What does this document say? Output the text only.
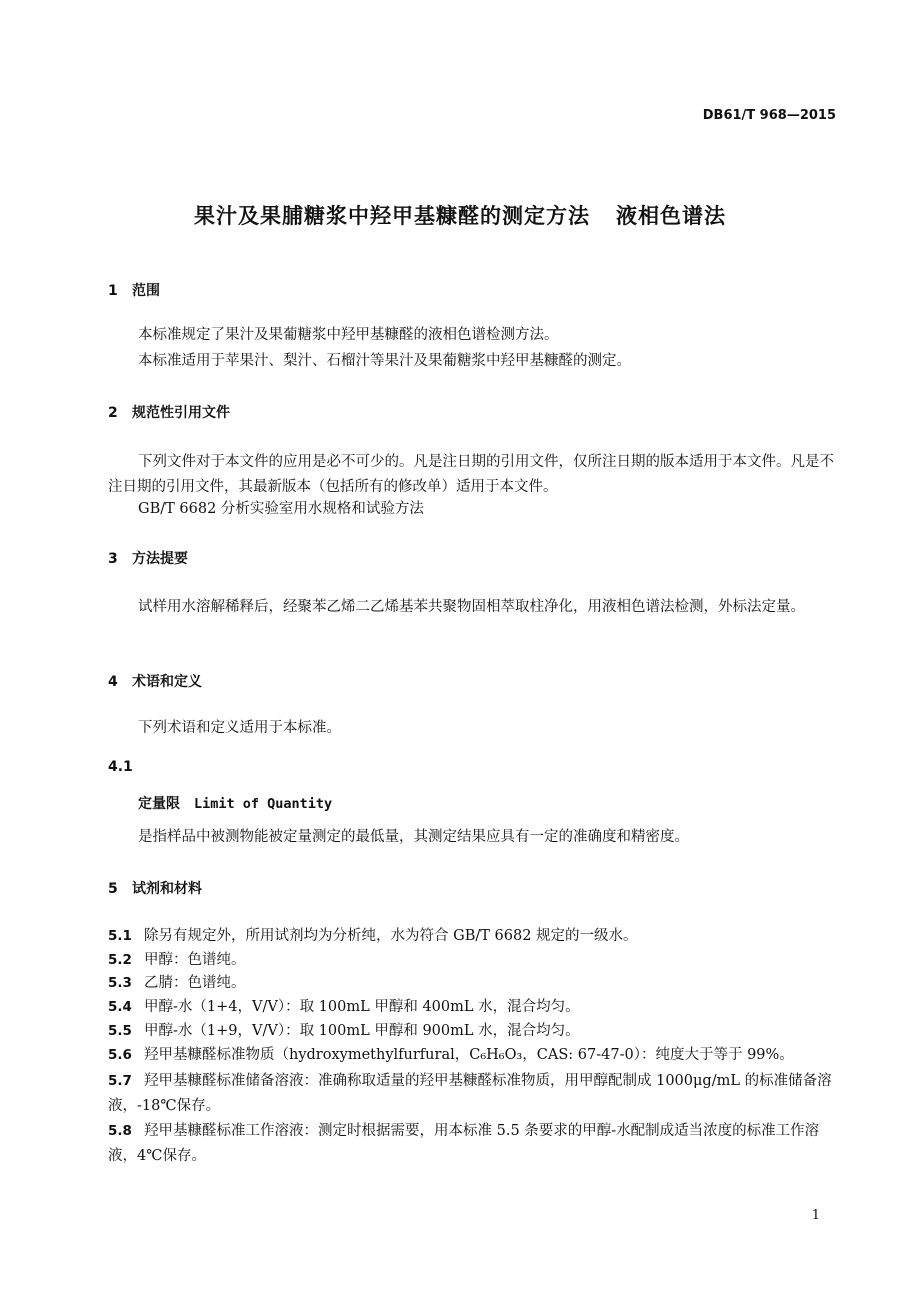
DB61/T 968—2015
果汁及果脯糖浆中羟甲基糠醛的测定方法 液相色谱法
1 范围
本标准规定了果汁及果葡糖浆中羟甲基糠醛的液相色谱检测方法。
本标准适用于苹果汁、梨汁、石榴汁等果汁及果葡糖浆中羟甲基糠醛的测定。
2 规范性引用文件
下列文件对于本文件的应用是必不可少的。凡是注日期的引用文件，仅所注日期的版本适用于本文件。凡是不注日期的引用文件，其最新版本（包括所有的修改单）适用于本文件。
GB/T 6682 分析实验室用水规格和试验方法
3 方法提要
试样用水溶解稀释后，经聚苯乙烯二乙烯基苯共聚物固相萃取柱净化，用液相色谱法检测，外标法定量。
4 术语和定义
下列术语和定义适用于本标准。
4.1
定量限 Limit of Quantity
是指样品中被测物能被定量测定的最低量，其测定结果应具有一定的准确度和精密度。
5 试剂和材料
5.1 除另有规定外，所用试剂均为分析纯，水为符合 GB/T 6682 规定的一级水。
5.2 甲醇：色谱纯。
5.3 乙腈：色谱纯。
5.4 甲醇-水（1+4，V/V）：取 100mL 甲醇和 400mL 水，混合均匀。
5.5 甲醇-水（1+9，V/V）：取 100mL 甲醇和 900mL 水，混合均匀。
5.6 羟甲基糠醛标准物质（hydroxymethylfurfural，C₆H₆O₃，CAS: 67-47-0）：纯度大于等于 99%。
5.7 羟甲基糠醛标准储备溶液：准确称取适量的羟甲基糠醛标准物质，用甲醇配制成 1000μg/mL 的标准储备溶液，-18℃保存。
5.8 羟甲基糠醛标准工作溶液：测定时根据需要，用本标准 5.5 条要求的甲醇-水配制成适当浓度的标准工作溶液，4℃保存。
1
